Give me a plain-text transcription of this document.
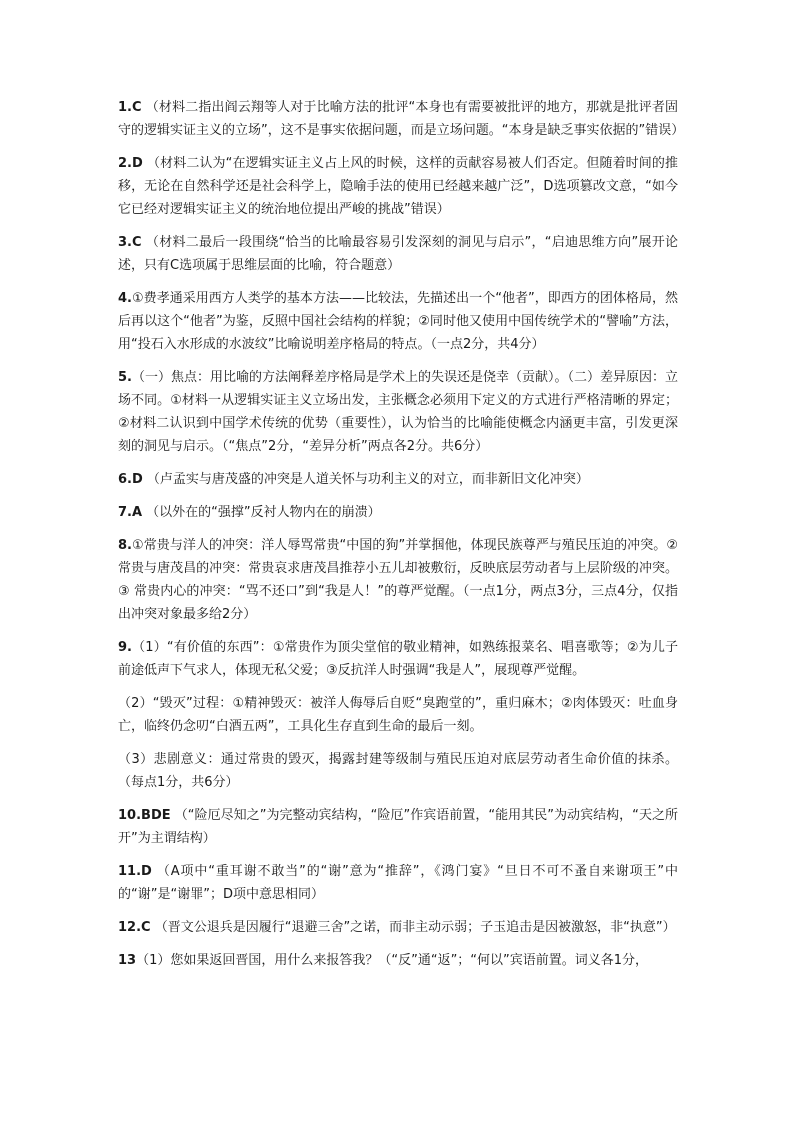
1.C （材料二指出阎云翔等人对于比喻方法的批评“本身也有需要被批评的地方，那就是批评者固守的逻辑实证主义的立场”，这不是事实依据问题，而是立场问题。“本身是缺乏事实依据的”错误）

2.D （材料二认为“在逻辑实证主义占上风的时候，这样的贡献容易被人们否定。但随着时间的推移，无论在自然科学还是社会科学上，隐喻手法的使用已经越来越广泛”，D选项篡改文意，“如今它已经对逻辑实证主义的统治地位提出严峻的挑战”错误）

3.C （材料二最后一段围绕“恰当的比喻最容易引发深刻的洞见与启示”，“启迪思维方向”展开论述，只有C选项属于思维层面的比喻，符合题意）

4.①费孝通采用西方人类学的基本方法——比较法，先描述出一个“他者”，即西方的团体格局，然后再以这个“他者”为鉴，反照中国社会结构的样貌；②同时他又使用中国传统学术的“譬喻”方法，用“投石入水形成的水波纹”比喻说明差序格局的特点。（一点2分，共4分）

5.（一）焦点：用比喻的方法阐释差序格局是学术上的失误还是侥幸（贡献）。（二）差异原因：立场不同。①材料一从逻辑实证主义立场出发，主张概念必须用下定义的方式进行严格清晰的界定；②材料二认识到中国学术传统的优势（重要性），认为恰当的比喻能使概念内涵更丰富，引发更深刻的洞见与启示。（“焦点”2分，“差异分析”两点各2分。共6分）

6.D （卢孟实与唐茂盛的冲突是人道关怀与功利主义的对立，而非新旧文化冲突）

7.A （以外在的“强撑”反衬人物内在的崩溃）

8.①常贵与洋人的冲突：洋人辱骂常贵“中国的狗”并掌掴他，体现民族尊严与殖民压迫的冲突。② 常贵与唐茂昌的冲突：常贵哀求唐茂昌推荐小五儿却被敷衍，反映底层劳动者与上层阶级的冲突。③ 常贵内心的冲突：“骂不还口”到“我是人！”的尊严觉醒。（一点1分，两点3分，三点4分，仅指出冲突对象最多给2分）

9.（1）“有价值的东西”：①常贵作为顶尖堂倌的敬业精神，如熟练报菜名、唱喜歌等；②为儿子前途低声下气求人，体现无私父爱；③反抗洋人时强调“我是人”，展现尊严觉醒。

（2）“毁灭”过程：①精神毁灭：被洋人侮辱后自贬“臭跑堂的”，重归麻木；②肉体毁灭：吐血身亡，临终仍念叨“白酒五两”，工具化生存直到生命的最后一刻。

（3）悲剧意义：通过常贵的毁灭，揭露封建等级制与殖民压迫对底层劳动者生命价值的抹杀。（每点1分，共6分）

10.BDE （“险厄尽知之”为完整动宾结构，“险厄”作宾语前置，“能用其民”为动宾结构，“天之所开”为主谓结构）

11.D （A项中“重耳谢不敢当”的“谢”意为“推辞”，《鸿门宴》“旦日不可不蚤自来谢项王”中的“谢”是“谢罪”；D项中意思相同）

12.C （晋文公退兵是因履行“退避三舍”之诺，而非主动示弱；子玉追击是因被激怒，非“执意”）

13（1）您如果返回晋国，用什么来报答我？（“反”通“返”；“何以”宾语前置。词义各1分，
